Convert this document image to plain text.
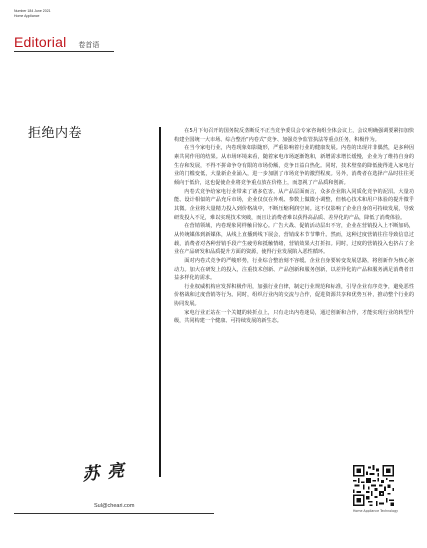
Number 184 June 2021
Home Appliance
Editorial 卷首语
拒绝内卷	在5月下旬召开的国务院反垄断反不正当竞争委员会专家咨询组全体会议上，会议明确强调要紧扣加快构建全国统一大市场、综合整治“内卷式”竞争、加强竞争监管执法等重点任务，积极作为。

在当今家电行业，内卷现象如影随形，严重影响着行业的健康发展。内卷的出现并非偶然，是多种因素共同作用的结果。从市场环境来看，随着家电市场逐渐饱和，新增需求增长缓慢，企业为了维持自身的生存和发展，不得不拼命争夺有限的市场份额，竞争日益白热化。同时，技术壁垒的降低使得进入家电行业的门槛变低，大量新企业涌入，进一步加剧了市场竞争的激烈程度。另外，消费者在选择产品时往往更倾向于低价，这也促使企业将竞争重点放在价格上，而忽视了产品质和创新。

内卷式竞争给家电行业带来了诸多危害。从产品层面而言，众多企业陷入同质化竞争的泥沼。大量功能、设计相似的产品充斥市场，企业仅仅在外观、参数上做微小调整，但核心技术和用户体验的提升微乎其微。企业将大量精力投入到价格战中，不断压缩利润空间。这不仅影响了企业自身的可持续发展，导致研发投入不足，难以实现技术突破，而且让消费者难以获得高品质、差异化的产品，降低了消费体验。

在营销领域，内卷现象同样触目惊心。广告大战、促销活动层出不穷，企业在营销投入上不断加码，从传统媒体到新媒体，从线上直播到线下展会，营销成本节节攀升。然而，这种过度营销往往导致信息过载，消费者对各种营销手段产生疲劳和抵触情绪，营销效果大打折扣。同时，过度的营销投入也挤占了企业在产品研发和品质提升方面的资源，使得行业发展陷入恶性循环。

面对内卷式竞争的严峻形势，行业综合整治刻不容缓。企业自身要转变发展思路，将创新作为核心驱动力。加大在研发上的投入，注重技术创新、产品创新和服务创新，以差异化的产品和服务满足消费者日益多样化的需求。

行业权威机构应发挥积极作用，加强行业自律，制定行业规范和标准，引导企业有序竞争，避免恶性价格战和过度营销等行为。同时，组织行业内的交流与合作，促进资源共享和优势互补，推动整个行业的协同发展。

家电行业正站在一个关键的转折点上，只有走出内卷迷局，通过创新和合作，才能实现行业的转型升级，共同构建一个健康、可持续发展的新生态。

苏 亮
Sul@cheari.com
Home Appliance Technology
